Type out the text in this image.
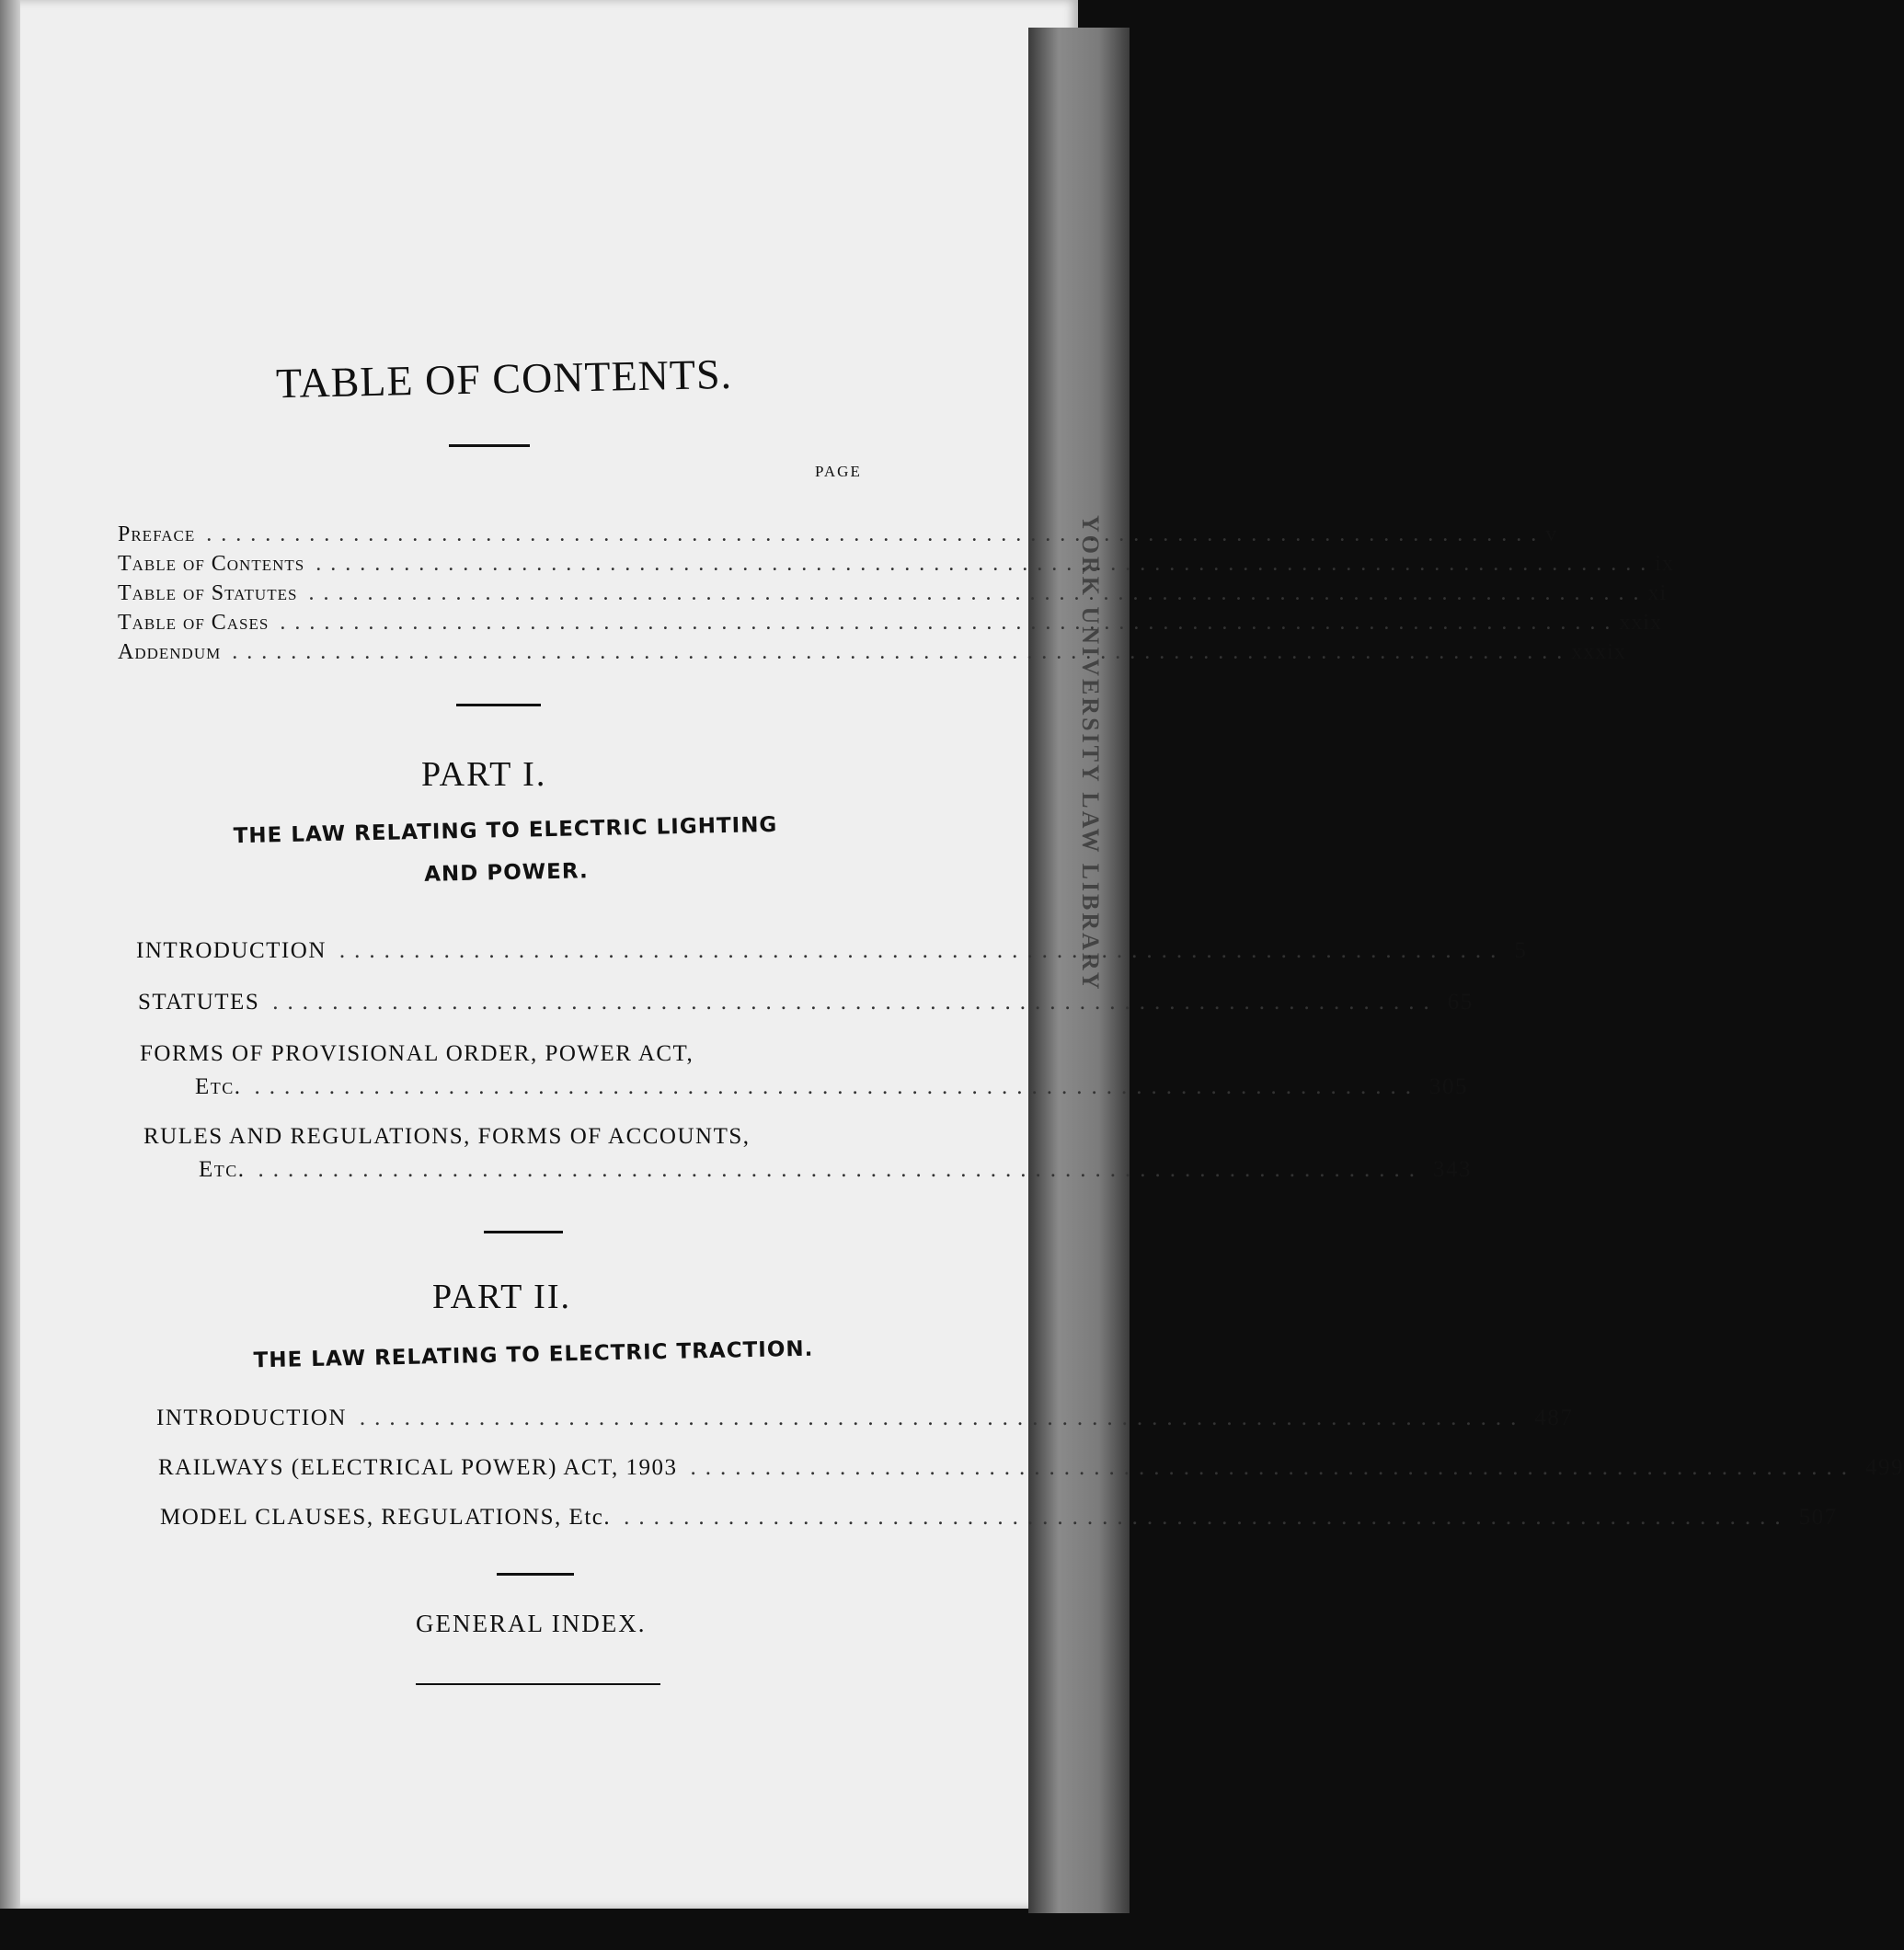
YORK UNIVERSITY LAW LIBRARY
TABLE OF CONTENTS.
PAGE
Preface ........................................................................................... v
Table of Contents ........................................................................................... ix
Table of Statutes ........................................................................................... xi
Table of Cases ........................................................................................... xxix
Addendum ........................................................................................... xxxix
PART I.
THE LAW RELATING TO ELECTRIC LIGHTING
AND POWER.
INTRODUCTION .............................................................................. 5
STATUTES .............................................................................. 65
FORMS OF PROVISIONAL ORDER, POWER ACT,
Etc. .............................................................................. 305
RULES AND REGULATIONS, FORMS OF ACCOUNTS,
Etc. .............................................................................. 343
PART II.
THE LAW RELATING TO ELECTRIC TRACTION.
INTRODUCTION .............................................................................. 487
RAILWAYS (ELECTRICAL POWER) ACT, 1903 .............................................................................. 499
MODEL CLAUSES, REGULATIONS, Etc. .............................................................................. 507
GENERAL INDEX.
